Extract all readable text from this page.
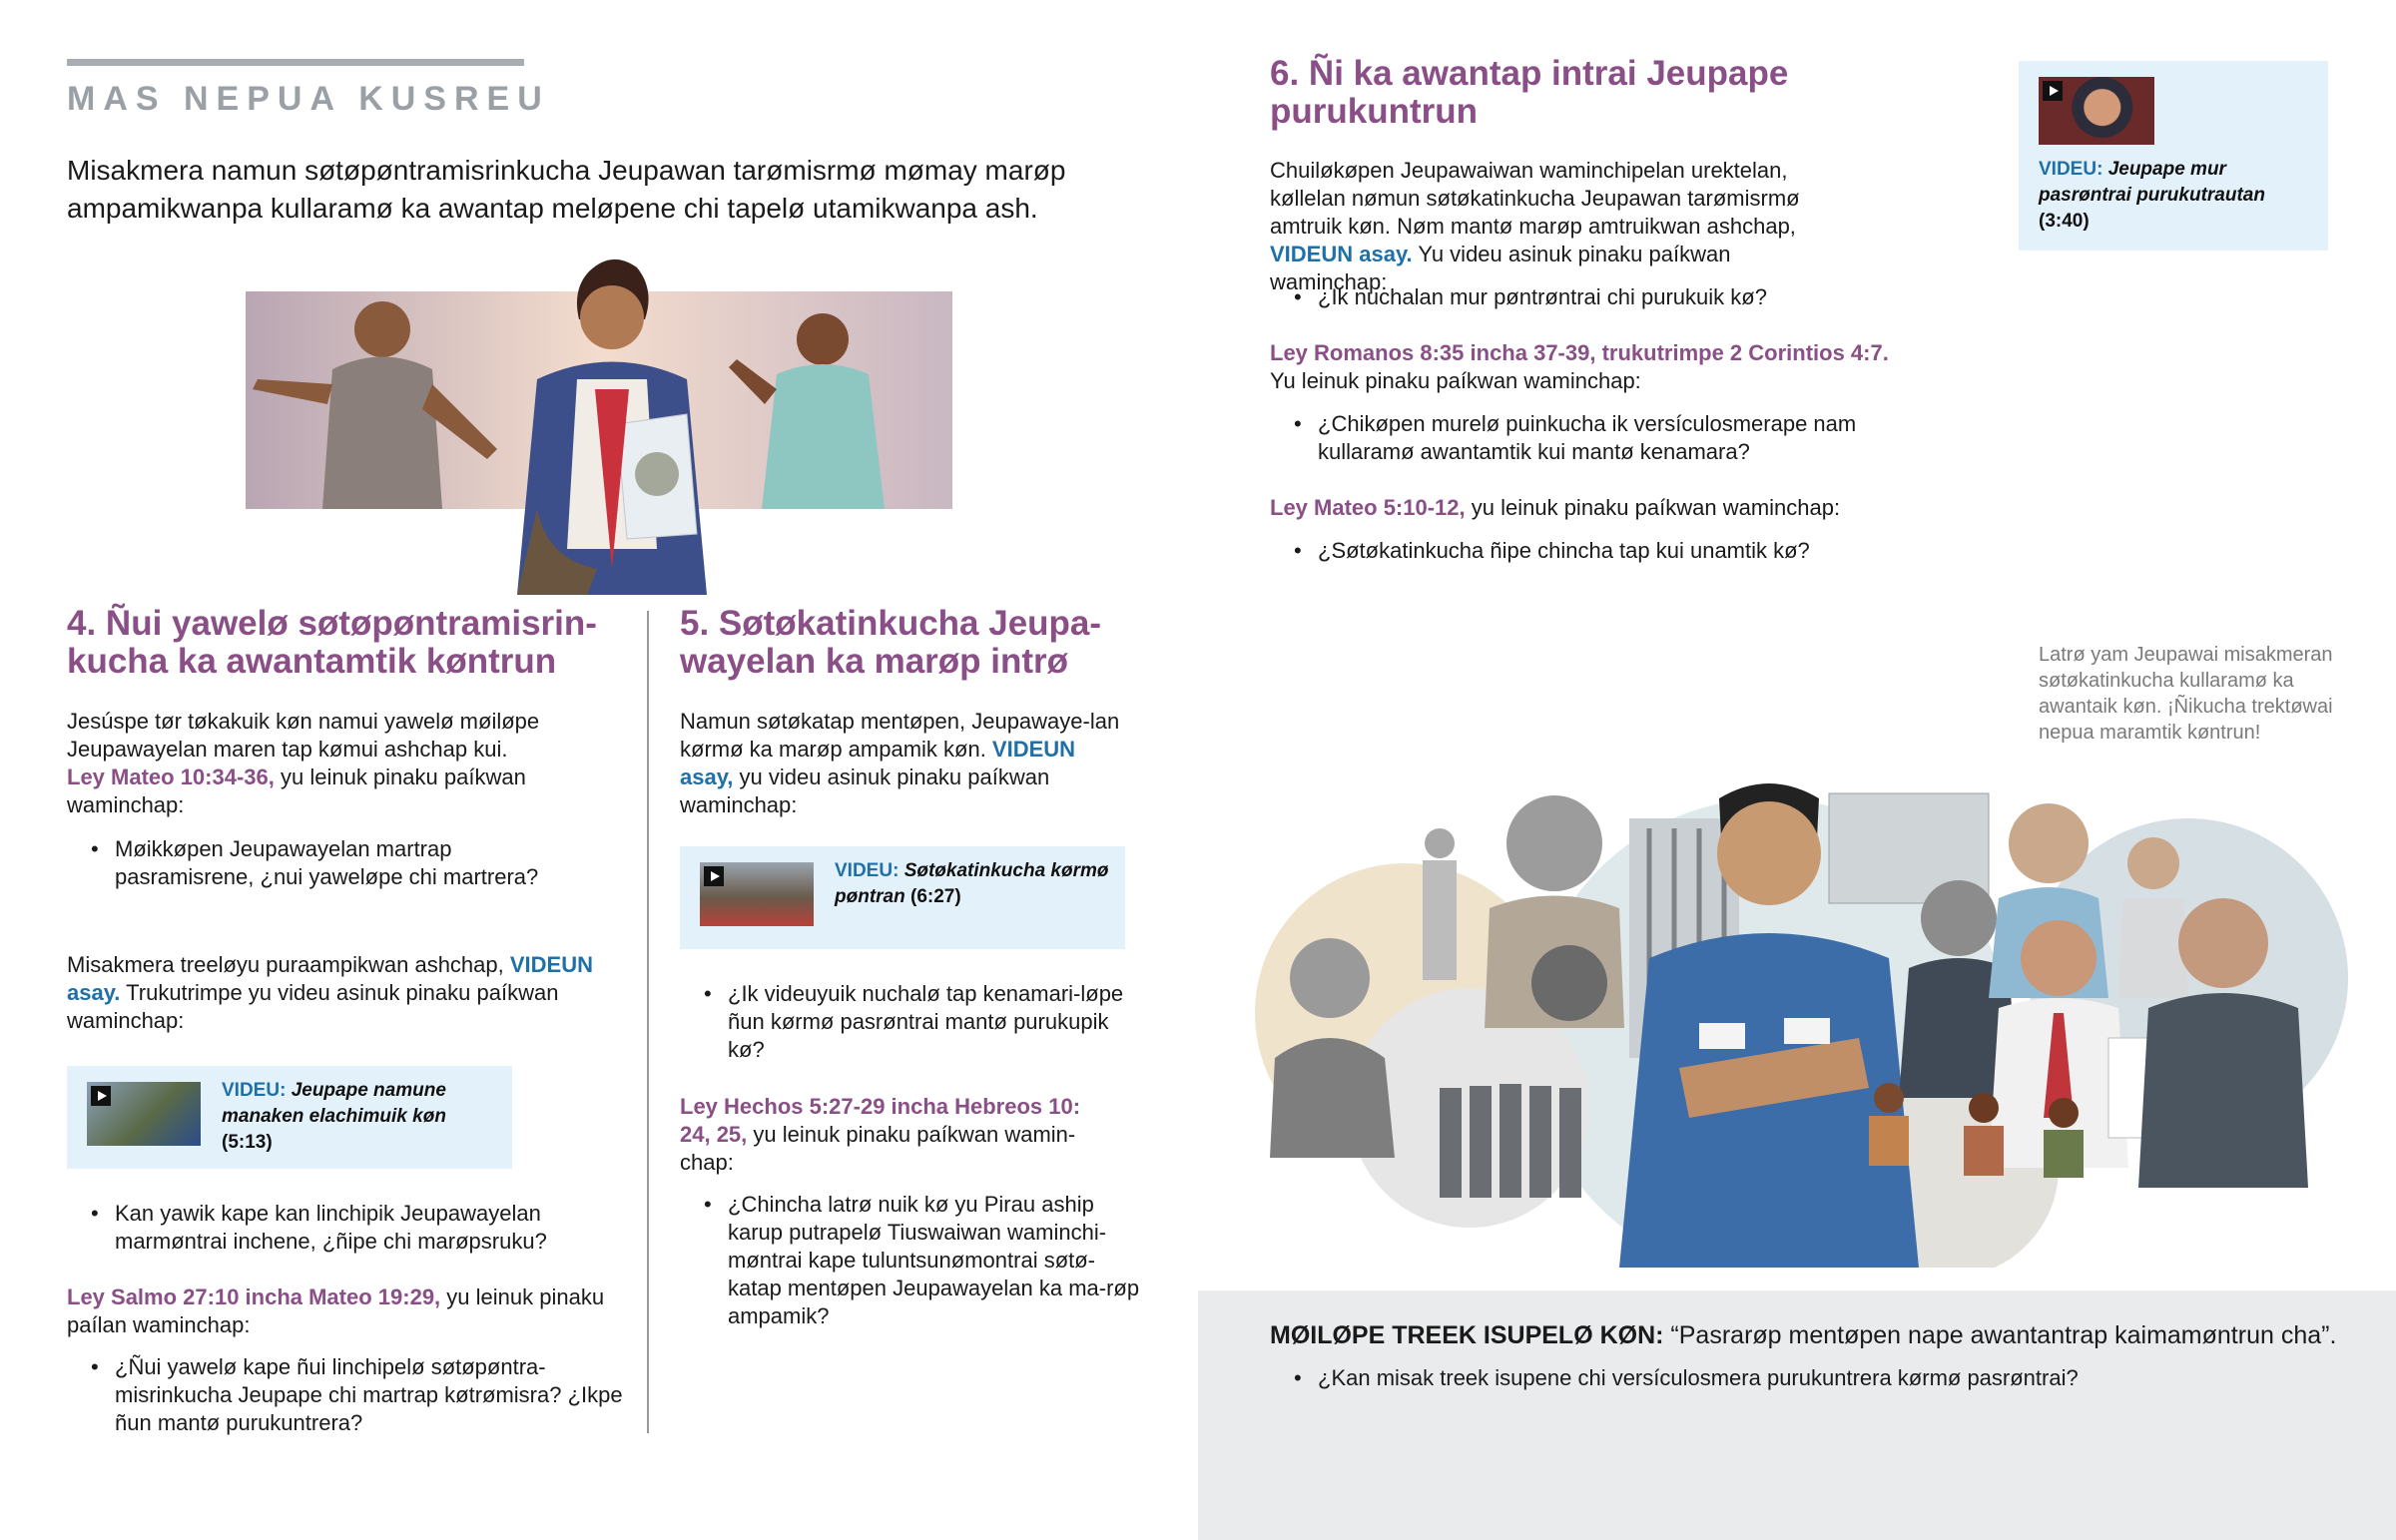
MAS NEPUA KUSREU
Misakmera namun søtøpøntramisrinkucha Jeupawan tarømisrmø mømay marøp ampamikwanpa kullaramø ka awantap meløpene chi tapelø utamikwanpa ash.
4. Ñui yawelø søtøpøntramisrin-kucha ka awantamtik køntrun
Jesúspe tør tøkakuik køn namui yawelø møiløpe Jeupawayelan maren tap kømui ashchap kui.
Ley Mateo 10:34-36, yu leinuk pinaku paíkwan waminchap:
• Møikkøpen Jeupawayelan martrap pasramisrene, ¿nui yaweløpe chi martrera?
Misakmera treeløyu puraampikwan ashchap, VIDEUN asay. Trukutrimpe yu videu asinuk pinaku paíkwan waminchap:
VIDEU: Jeupape namune manaken elachimuik køn
(5:13)
• Kan yawik kape kan linchipik Jeupawayelan marmøntrai inchene, ¿ñipe chi marøpsruku?
Ley Salmo 27:10 incha Mateo 19:29, yu leinuk pinaku paílan waminchap:
• ¿Ñui yawelø kape ñui linchipelø søtøpøntra-misrinkucha Jeupape chi martrap køtrømisra? ¿Ikpe ñun mantø purukuntrera?
5. Søtøkatinkucha Jeupa-wayelan ka marøp intrø
Namun søtøkatap mentøpen, Jeupawaye-lan kørmø ka marøp ampamik køn. VIDEUN asay, yu videu asinuk pinaku paíkwan waminchap:
VIDEU: Søtøkatinkucha kørmø pøntran (6:27)
• ¿Ik videuyuik nuchalø tap kenamari-løpe ñun kørmø pasrøntrai mantø purukupik kø?
Ley Hechos 5:27-29 incha Hebreos 10: 24, 25, yu leinuk pinaku paíkwan wamin-chap:
• ¿Chincha latrø nuik kø yu Pirau aship karup putrapelø Tiuswaiwan waminchi-møntrai kape tuluntsunømontrai søtø-katap mentøpen Jeupawayelan ka ma-røp ampamik?
6. Ñi ka awantap intrai Jeupape purukuntrun
Chuiløkøpen Jeupawaiwan waminchipelan urektelan, køllelan nømun søtøkatinkucha Jeupawan tarømisrmø amtruik køn. Nøm mantø marøp amtruikwan ashchap, VIDEUN asay. Yu videu asinuk pinaku paíkwan waminchap:
• ¿Ik nuchalan mur pøntrøntrai chi purukuik kø?
Ley Romanos 8:35 incha 37-39, trukutrimpe 2 Corintios 4:7.
Yu leinuk pinaku paíkwan waminchap:
• ¿Chikøpen murelø puinkucha ik versículosmerape nam kullaramø awantamtik kui mantø kenamara?
Ley Mateo 5:10-12, yu leinuk pinaku paíkwan waminchap:
• ¿Søtøkatinkucha ñipe chincha tap kui unamtik kø?
VIDEU: Jeupape mur pasrøntrai purukutrautan
(3:40)
Latrø yam Jeupawai misakmeran søtøkatinkucha kullaramø ka awantaik køn. ¡Ñikucha trektøwai nepua maramtik køntrun!
MØILØPE TREEK ISUPELØ KØN: “Pasrarøp mentøpen nape awantantrap kaimamøntrun cha”.
• ¿Kan misak treek isupene chi versículosmera purukuntrera kørmø pasrøntrai?
